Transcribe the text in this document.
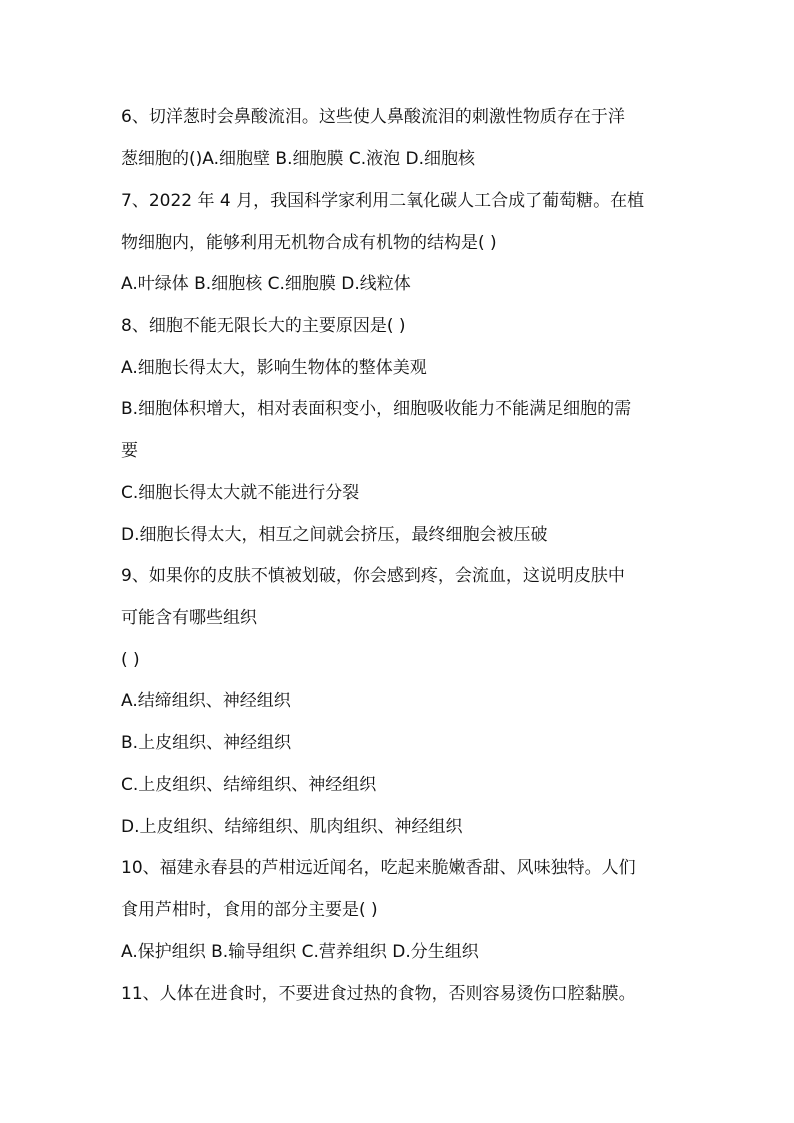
6、切洋葱时会鼻酸流泪。这些使人鼻酸流泪的刺激性物质存在于洋
葱细胞的()A.细胞壁 B.细胞膜 C.液泡 D.细胞核
7、2022 年 4 月，我国科学家利用二氧化碳人工合成了葡萄糖。在植
物细胞内，能够利用无机物合成有机物的结构是( )
A.叶绿体 B.细胞核 C.细胞膜 D.线粒体
8、细胞不能无限长大的主要原因是( )
A.细胞长得太大，影响生物体的整体美观
B.细胞体积增大，相对表面积变小，细胞吸收能力不能满足细胞的需
要
C.细胞长得太大就不能进行分裂
D.细胞长得太大，相互之间就会挤压，最终细胞会被压破
9、如果你的皮肤不慎被划破，你会感到疼，会流血，这说明皮肤中
可能含有哪些组织
( )
A.结缔组织、神经组织
B.上皮组织、神经组织
C.上皮组织、结缔组织、神经组织
D.上皮组织、结缔组织、肌肉组织、神经组织
10、福建永春县的芦柑远近闻名，吃起来脆嫩香甜、风味独特。人们
食用芦柑时，食用的部分主要是( )
A.保护组织 B.输导组织 C.营养组织 D.分生组织
11、人体在进食时，不要进食过热的食物，否则容易烫伤口腔黏膜。
